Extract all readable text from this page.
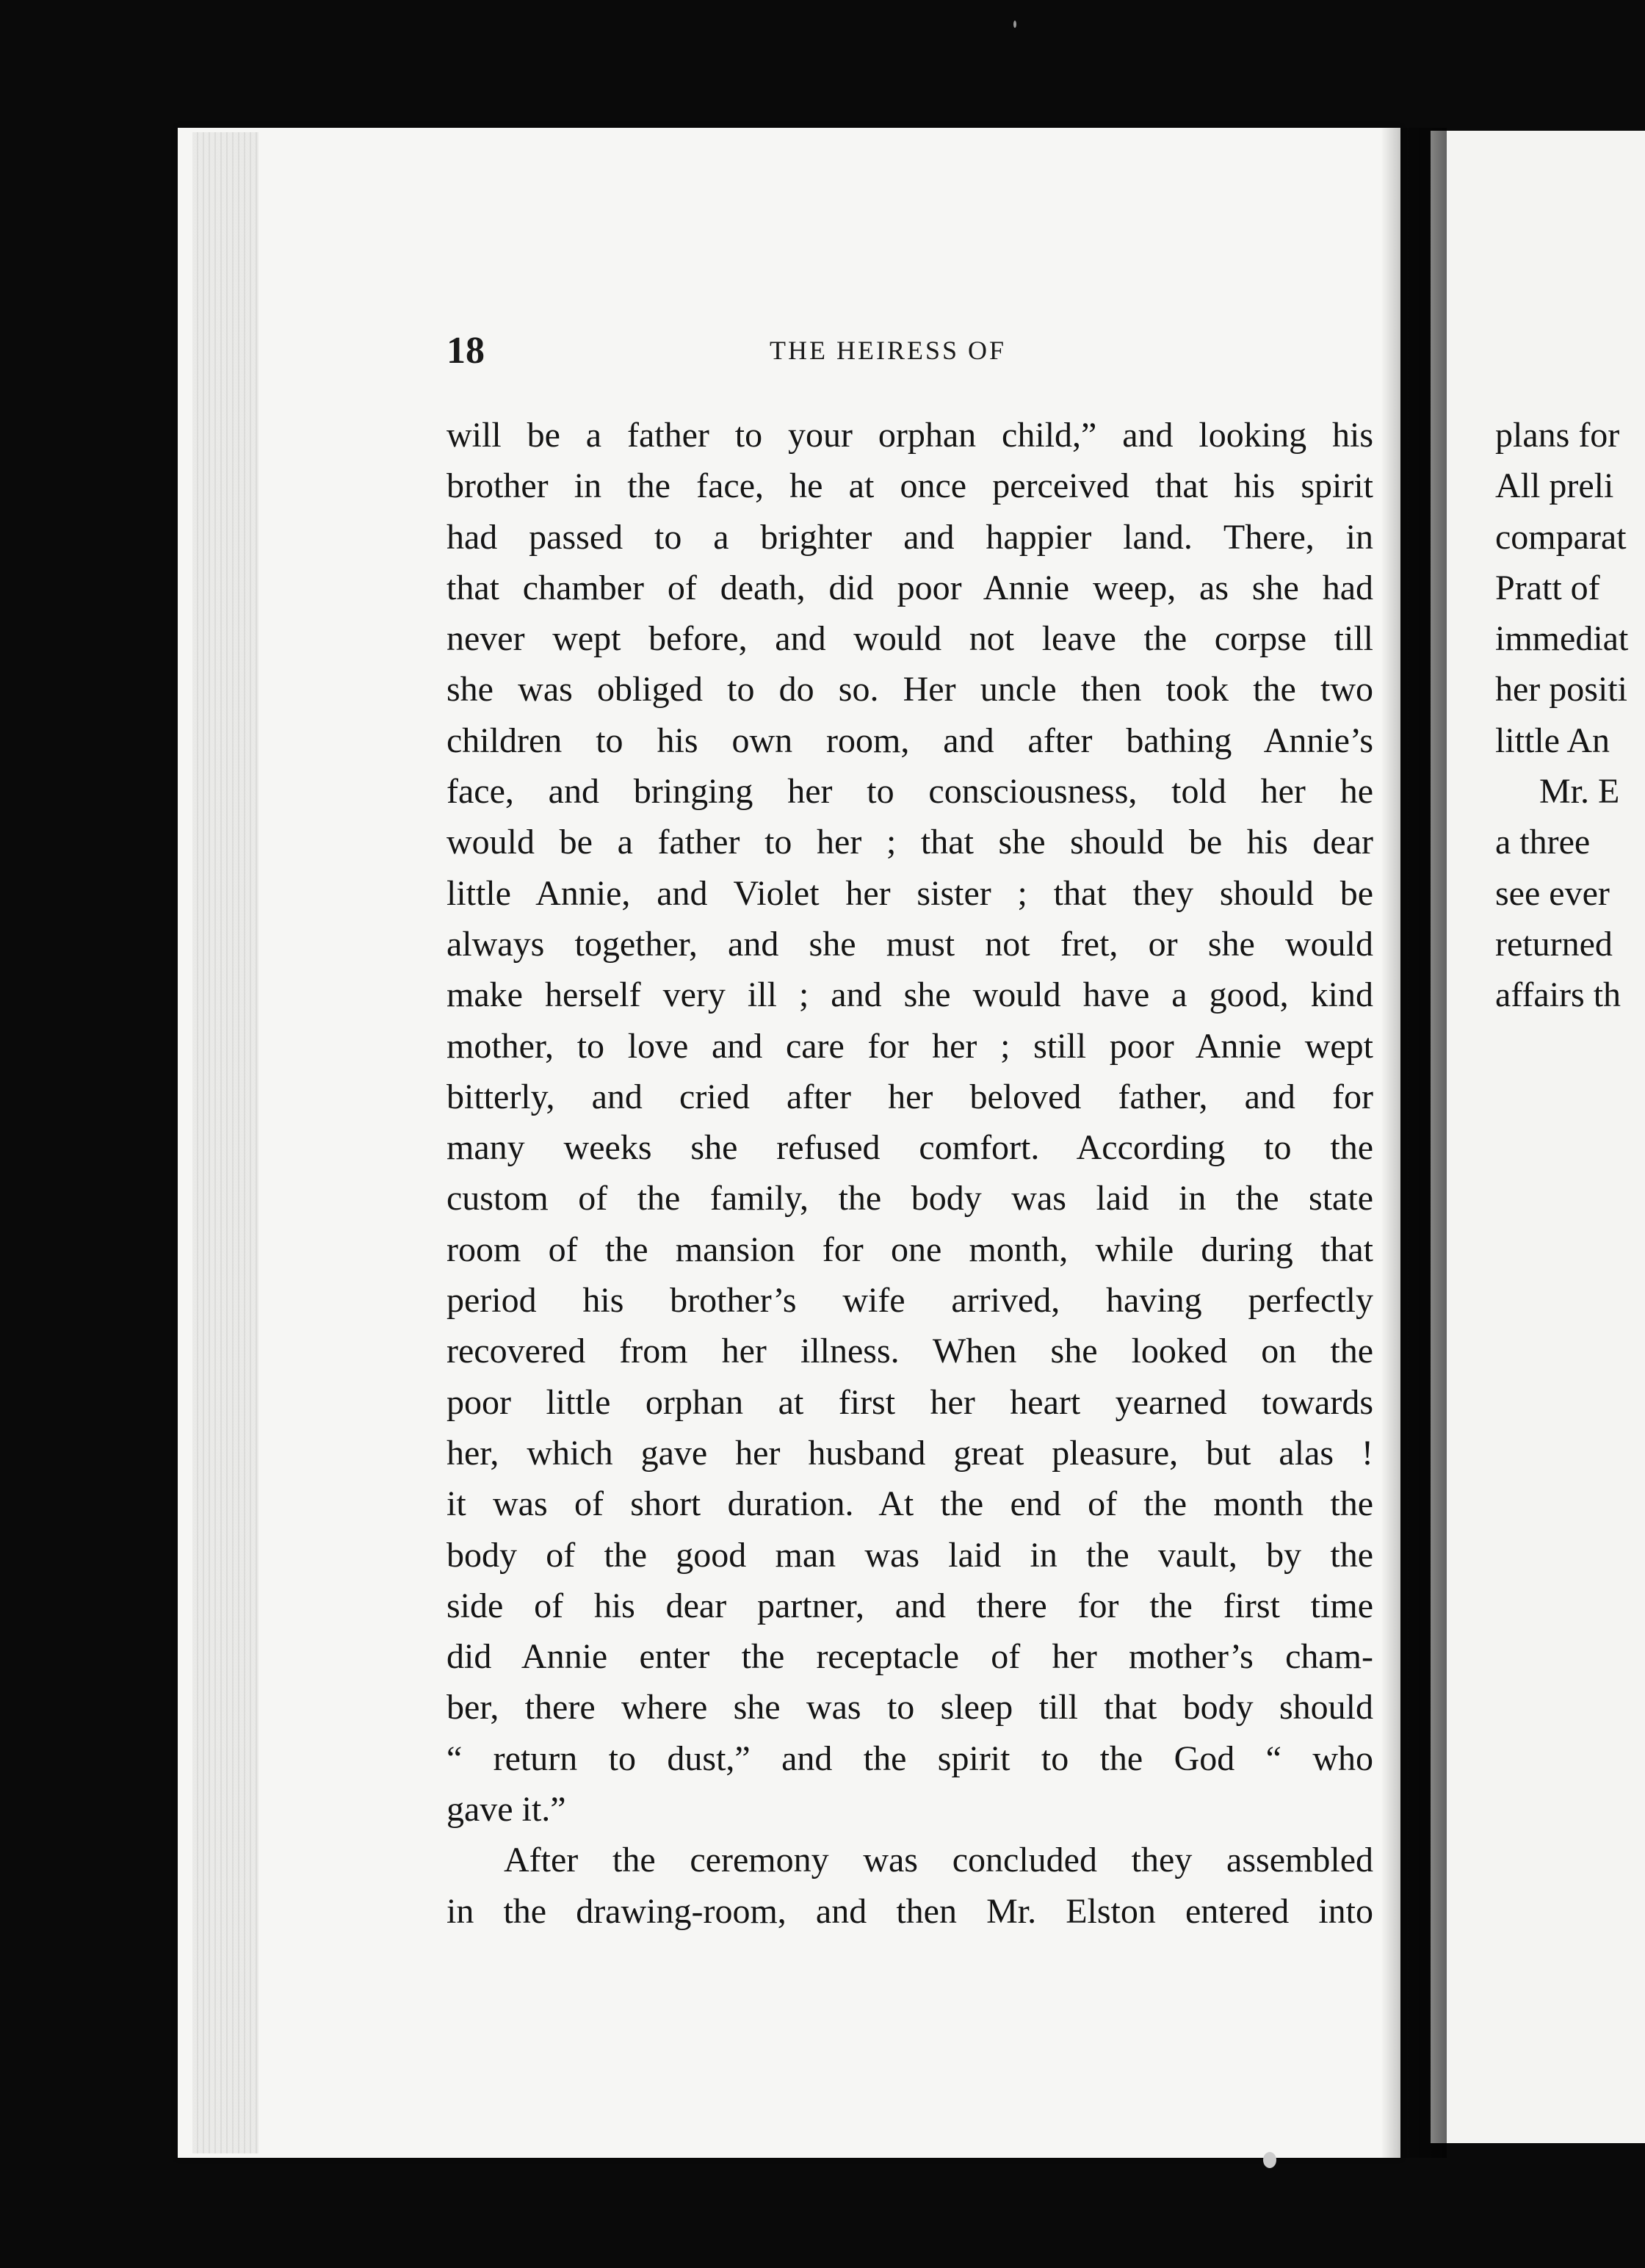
plans for
All preli
comparat
Pratt of
immediat
her positi
little An
Mr. E
a three
see ever
returned
affairs th
18	THE HEIRESS OF
will be a father to your orphan child,” and looking his
brother in the face, he at once perceived that his spirit
had passed to a brighter and happier land. There, in
that chamber of death, did poor Annie weep, as she had
never wept before, and would not leave the corpse till
she was obliged to do so. Her uncle then took the two
children to his own room, and after bathing Annie’s
face, and bringing her to consciousness, told her he
would be a father to her ; that she should be his dear
little Annie, and Violet her sister ; that they should be
always together, and she must not fret, or she would
make herself very ill ; and she would have a good, kind
mother, to love and care for her ; still poor Annie wept
bitterly, and cried after her beloved father, and for
many weeks she refused comfort. According to the
custom of the family, the body was laid in the state
room of the mansion for one month, while during that
period his brother’s wife arrived, having perfectly
recovered from her illness. When she looked on the
poor little orphan at first her heart yearned towards
her, which gave her husband great pleasure, but alas !
it was of short duration. At the end of the month the
body of the good man was laid in the vault, by the
side of his dear partner, and there for the first time
did Annie enter the receptacle of her mother’s cham-
ber, there where she was to sleep till that body should
“ return to dust,” and the spirit to the God “ who
gave it.”
After the ceremony was concluded they assembled
in the drawing-room, and then Mr. Elston entered into
